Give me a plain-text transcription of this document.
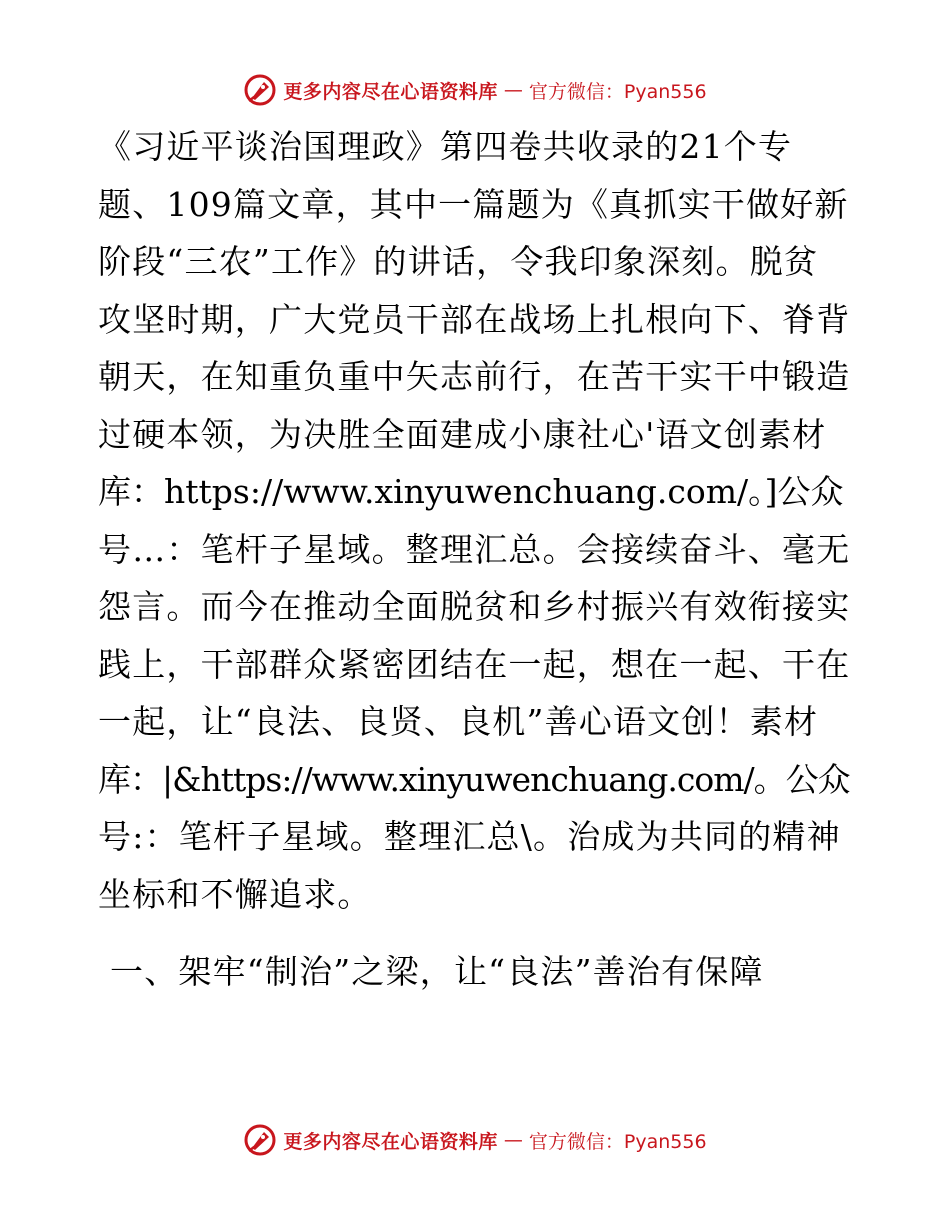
更多内容尽在心语资料库 — 官方微信：Pyan556

《习近平谈治国理政》第四卷共收录的21个专
题、109篇文章，其中一篇题为《真抓实干做好新
阶段“三农”工作》的讲话，令我印象深刻。脱贫
攻坚时期，广大党员干部在战场上扎根向下、脊背
朝天，在知重负重中矢志前行，在苦干实干中锻造
过硬本领，为决胜全面建成小康社心'语文创素材
库：https://www.xinyuwenchuang.com/。]公众
号…：笔杆子星域。整理汇总。会接续奋斗、毫无
怨言。而今在推动全面脱贫和乡村振兴有效衔接实
践上，干部群众紧密团结在一起，想在一起、干在
一起，让“良法、良贤、良机”善心语文创！素材
库：|&https://www.xinyuwenchuang.com/。公众
号:：笔杆子星域。整理汇总\。治成为共同的精神
坐标和不懈追求。

一、架牢“制治”之梁，让“良法”善治有保障
更多内容尽在心语资料库 — 官方微信：Pyan556
